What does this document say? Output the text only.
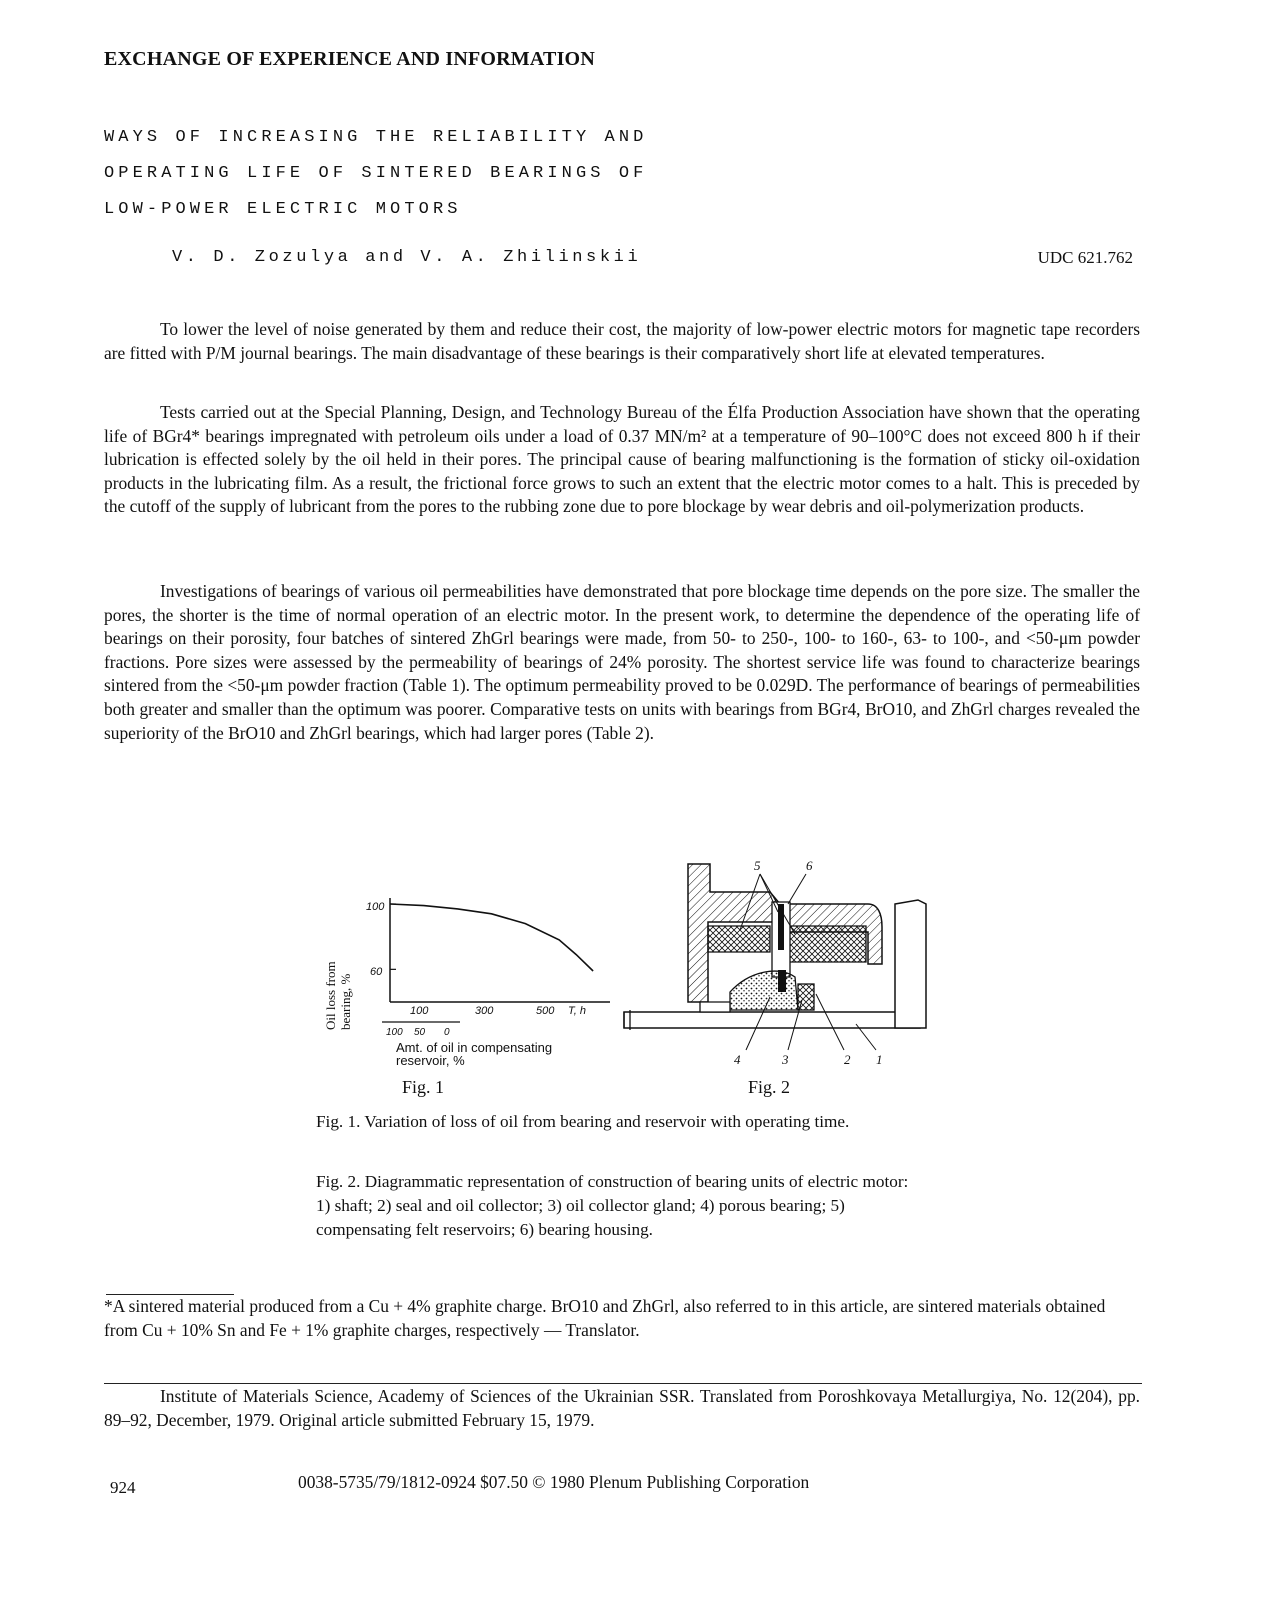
EXCHANGE OF EXPERIENCE AND INFORMATION
WAYS OF INCREASING THE RELIABILITY AND
OPERATING LIFE OF SINTERED BEARINGS OF
LOW-POWER ELECTRIC MOTORS
V. D. Zozulya and V. A. Zhilinskii	UDC 621.762

To lower the level of noise generated by them and reduce their cost, the majority of low-power electric motors for magnetic tape recorders are fitted with P/M journal bearings. The main disadvantage of these bearings is their comparatively short life at elevated temperatures.

Tests carried out at the Special Planning, Design, and Technology Bureau of the Élfa Production Association have shown that the operating life of BGr4* bearings impregnated with petroleum oils under a load of 0.37 MN/m² at a temperature of 90–100°C does not exceed 800 h if their lubrication is effected solely by the oil held in their pores. The principal cause of bearing malfunctioning is the formation of sticky oil-oxidation products in the lubricating film. As a result, the frictional force grows to such an extent that the electric motor comes to a halt. This is preceded by the cutoff of the supply of lubricant from the pores to the rubbing zone due to pore blockage by wear debris and oil-polymerization products.

Investigations of bearings of various oil permeabilities have demonstrated that pore blockage time depends on the pore size. The smaller the pores, the shorter is the time of normal operation of an electric motor. In the present work, to determine the dependence of the operating life of bearings on their porosity, four batches of sintered ZhGrl bearings were made, from 50- to 250-, 100- to 160-, 63- to 100-, and <50-μm powder fractions. Pore sizes were assessed by the permeability of bearings of 24% porosity. The shortest service life was found to characterize bearings sintered from the <50-μm powder fraction (Table 1). The optimum permeability proved to be 0.029D. The performance of bearings of permeabilities both greater and smaller than the optimum was poorer. Comparative tests on units with bearings from BGr4, BrO10, and ZhGrl charges revealed the superiority of the BrO10 and ZhGrl bearings, which had larger pores (Table 2).

Oil loss from bearing, %
100
60
100	300	500 T, h
100 50 0
Amt. of oil in compensating
reservoir, %
Fig. 1
5	6
4	3	2 1
Fig. 2

Fig. 1. Variation of loss of oil from bearing and reservoir with operating time.

Fig. 2. Diagrammatic representation of construction of bearing units of electric motor: 1) shaft; 2) seal and oil collector; 3) oil collector gland; 4) porous bearing; 5) compensating felt reservoirs; 6) bearing housing.

*A sintered material produced from a Cu + 4% graphite charge. BrO10 and ZhGrl, also referred to in this article, are sintered materials obtained from Cu + 10% Sn and Fe + 1% graphite charges, respectively — Translator.

Institute of Materials Science, Academy of Sciences of the Ukrainian SSR. Translated from Poroshkovaya Metallurgiya, No. 12(204), pp. 89–92, December, 1979. Original article submitted February 15, 1979.

924	0038-5735/79/1812-0924 $07.50 © 1980 Plenum Publishing Corporation
